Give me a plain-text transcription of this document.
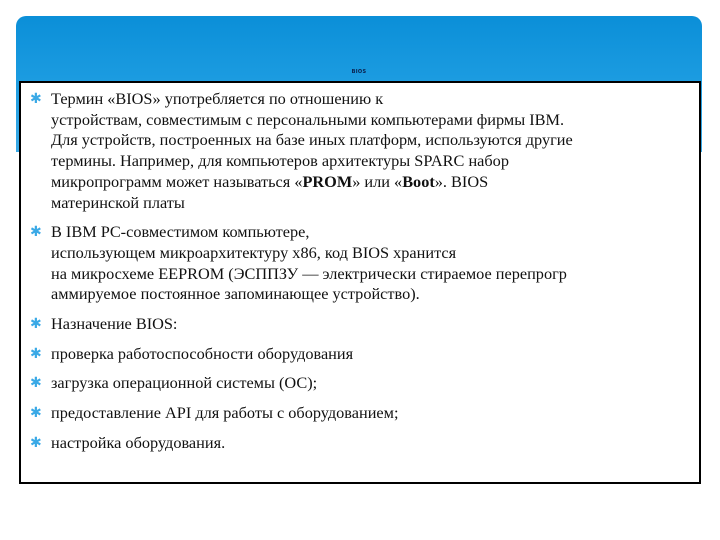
BIOS
✱ Термин «BIOS» употребляется по отношению к
устройствам, совместимым с персональными компьютерами фирмы IBM.
Для устройств, построенных на базе иных платформ, используются другие
термины. Например, для компьютеров архитектуры SPARC набор
микропрограмм может называться «PROM» или «Boot». BIOS
материнской платы
✱ В IBM PC-совместимом компьютере,
использующем микроархитектуру x86, код BIOS хранится
на микросхеме EEPROM (ЭСППЗУ — электрически стираемое перепрогр
аммируемое постоянное запоминающее устройство).
✱ Назначение BIOS:
✱ проверка работоспособности оборудования
✱ загрузка операционной системы (ОС);
✱ предоставление API для работы с оборудованием;
✱ настройка оборудования.
